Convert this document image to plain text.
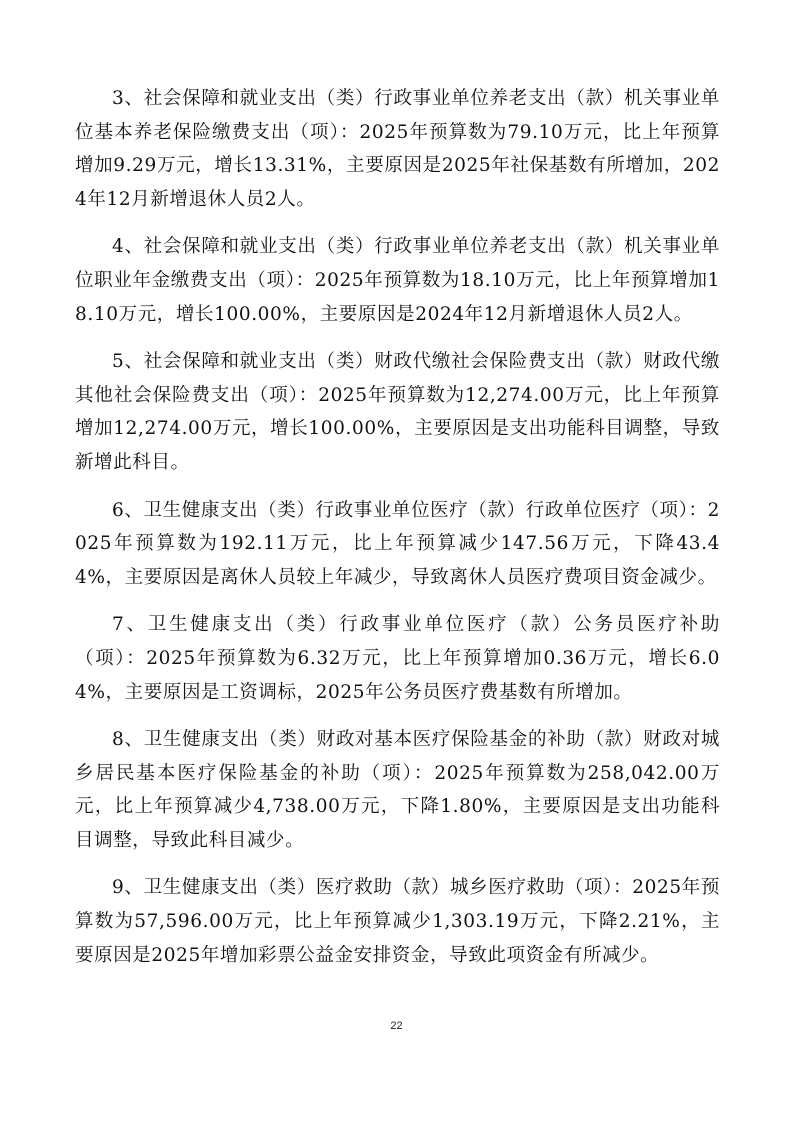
3、社会保障和就业支出（类）行政事业单位养老支出（款）机关事业单位基本养老保险缴费支出（项）：2025年预算数为79.10万元，比上年预算增加9.29万元，增长13.31%，主要原因是2025年社保基数有所增加，2024年12月新增退休人员2人。

4、社会保障和就业支出（类）行政事业单位养老支出（款）机关事业单位职业年金缴费支出（项）：2025年预算数为18.10万元，比上年预算增加18.10万元，增长100.00%，主要原因是2024年12月新增退休人员2人。

5、社会保障和就业支出（类）财政代缴社会保险费支出（款）财政代缴其他社会保险费支出（项）：2025年预算数为12,274.00万元，比上年预算增加12,274.00万元，增长100.00%，主要原因是支出功能科目调整，导致新增此科目。

6、卫生健康支出（类）行政事业单位医疗（款）行政单位医疗（项）：2025年预算数为192.11万元，比上年预算减少147.56万元，下降43.44%，主要原因是离休人员较上年减少，导致离休人员医疗费项目资金减少。

7、卫生健康支出（类）行政事业单位医疗（款）公务员医疗补助（项）：2025年预算数为6.32万元，比上年预算增加0.36万元，增长6.04%，主要原因是工资调标，2025年公务员医疗费基数有所增加。

8、卫生健康支出（类）财政对基本医疗保险基金的补助（款）财政对城乡居民基本医疗保险基金的补助（项）：2025年预算数为258,042.00万元，比上年预算减少4,738.00万元，下降1.80%，主要原因是支出功能科目调整，导致此科目减少。

9、卫生健康支出（类）医疗救助（款）城乡医疗救助（项）：2025年预算数为57,596.00万元，比上年预算减少1,303.19万元，下降2.21%，主要原因是2025年增加彩票公益金安排资金，导致此项资金有所减少。

22
